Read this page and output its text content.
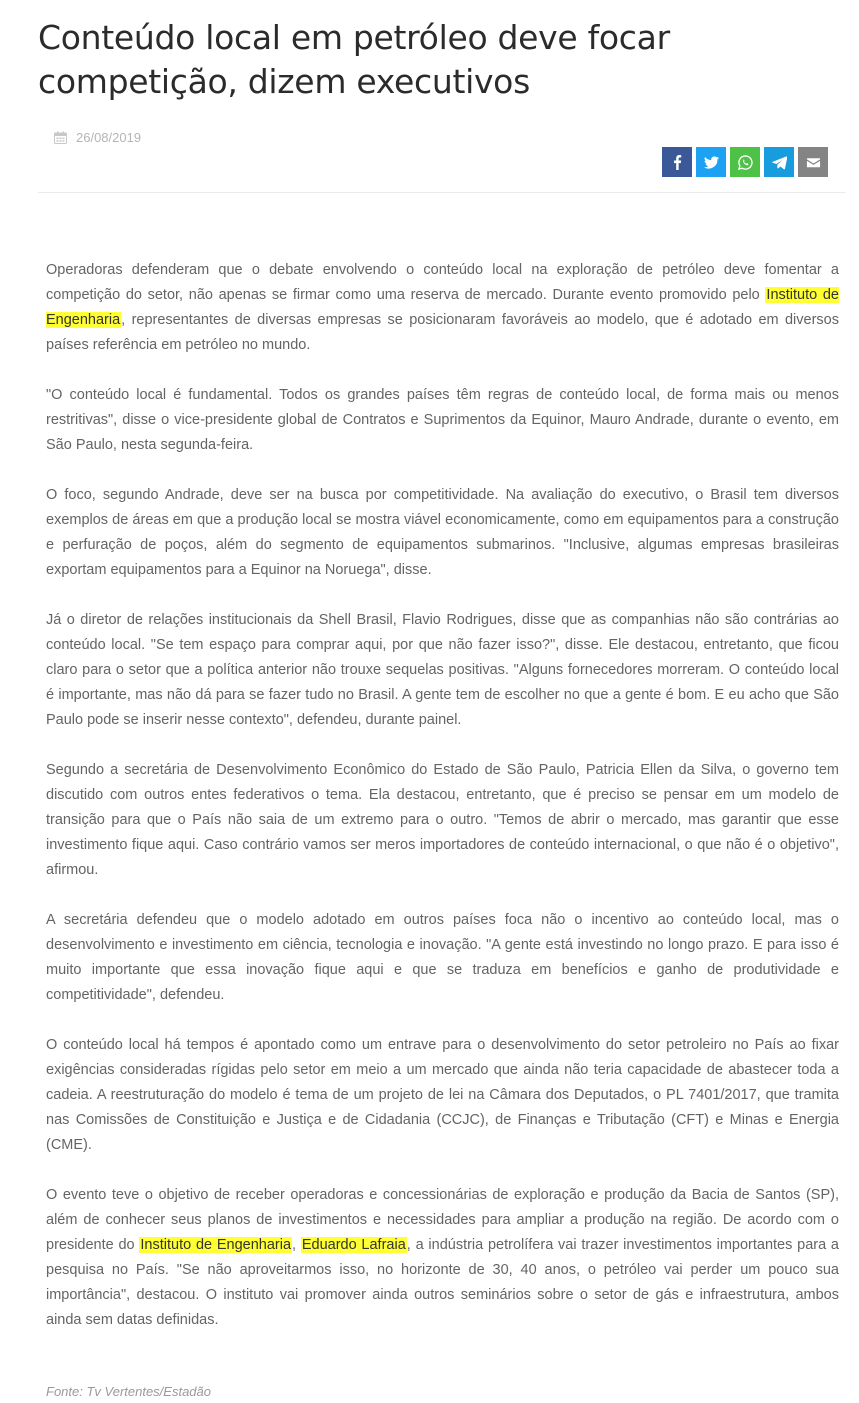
Conteúdo local em petróleo deve focar competição, dizem executivos
26/08/2019

Operadoras defenderam que o debate envolvendo o conteúdo local na exploração de petróleo deve fomentar a competição do setor, não apenas se firmar como uma reserva de mercado. Durante evento promovido pelo Instituto de Engenharia, representantes de diversas empresas se posicionaram favoráveis ao modelo, que é adotado em diversos países referência em petróleo no mundo.

"O conteúdo local é fundamental. Todos os grandes países têm regras de conteúdo local, de forma mais ou menos restritivas", disse o vice-presidente global de Contratos e Suprimentos da Equinor, Mauro Andrade, durante o evento, em São Paulo, nesta segunda-feira.

O foco, segundo Andrade, deve ser na busca por competitividade. Na avaliação do executivo, o Brasil tem diversos exemplos de áreas em que a produção local se mostra viável economicamente, como em equipamentos para a construção e perfuração de poços, além do segmento de equipamentos submarinos. "Inclusive, algumas empresas brasileiras exportam equipamentos para a Equinor na Noruega", disse.

Já o diretor de relações institucionais da Shell Brasil, Flavio Rodrigues, disse que as companhias não são contrárias ao conteúdo local. "Se tem espaço para comprar aqui, por que não fazer isso?", disse. Ele destacou, entretanto, que ficou claro para o setor que a política anterior não trouxe sequelas positivas. "Alguns fornecedores morreram. O conteúdo local é importante, mas não dá para se fazer tudo no Brasil. A gente tem de escolher no que a gente é bom. E eu acho que São Paulo pode se inserir nesse contexto", defendeu, durante painel.

Segundo a secretária de Desenvolvimento Econômico do Estado de São Paulo, Patricia Ellen da Silva, o governo tem discutido com outros entes federativos o tema. Ela destacou, entretanto, que é preciso se pensar em um modelo de transição para que o País não saia de um extremo para o outro. "Temos de abrir o mercado, mas garantir que esse investimento fique aqui. Caso contrário vamos ser meros importadores de conteúdo internacional, o que não é o objetivo", afirmou.

A secretária defendeu que o modelo adotado em outros países foca não o incentivo ao conteúdo local, mas o desenvolvimento e investimento em ciência, tecnologia e inovação. "A gente está investindo no longo prazo. E para isso é muito importante que essa inovação fique aqui e que se traduza em benefícios e ganho de produtividade e competitividade", defendeu.

O conteúdo local há tempos é apontado como um entrave para o desenvolvimento do setor petroleiro no País ao fixar exigências consideradas rígidas pelo setor em meio a um mercado que ainda não teria capacidade de abastecer toda a cadeia. A reestruturação do modelo é tema de um projeto de lei na Câmara dos Deputados, o PL 7401/2017, que tramita nas Comissões de Constituição e Justiça e de Cidadania (CCJC), de Finanças e Tributação (CFT) e Minas e Energia (CME).

O evento teve o objetivo de receber operadoras e concessionárias de exploração e produção da Bacia de Santos (SP), além de conhecer seus planos de investimentos e necessidades para ampliar a produção na região. De acordo com o presidente do Instituto de Engenharia, Eduardo Lafraia, a indústria petrolífera vai trazer investimentos importantes para a pesquisa no País. "Se não aproveitarmos isso, no horizonte de 30, 40 anos, o petróleo vai perder um pouco sua importância", destacou. O instituto vai promover ainda outros seminários sobre o setor de gás e infraestrutura, ambos ainda sem datas definidas.

Fonte: Tv Vertentes/Estadão
